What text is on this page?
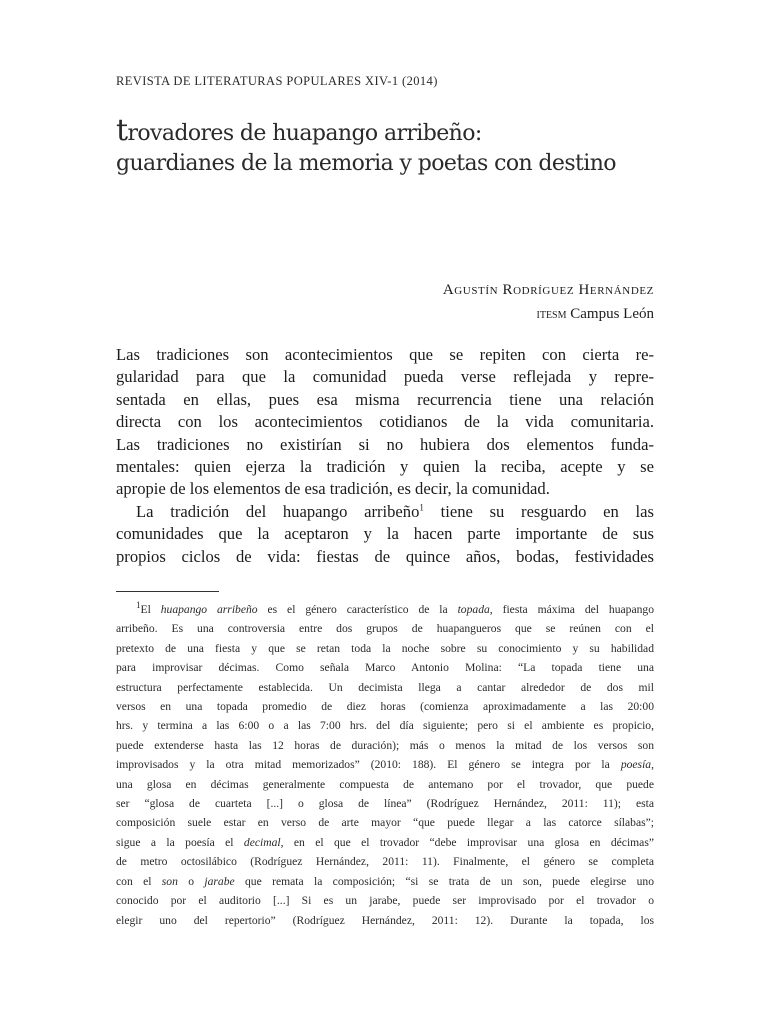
REVISTA DE LITERATURAS POPULARES XIV-1 (2014)

trovadores de huapango arribeño:
guardianes de la memoria y poetas con destino

Agustín Rodríguez Hernández

itesm Campus León

Las tradiciones son acontecimientos que se repiten con cierta re-
gularidad para que la comunidad pueda verse reflejada y repre-
sentada en ellas, pues esa misma recurrencia tiene una relación
directa con los acontecimientos cotidianos de la vida comunitaria.
Las tradiciones no existirían si no hubiera dos elementos funda-
mentales: quien ejerza la tradición y quien la reciba, acepte y se
apropie de los elementos de esa tradición, es decir, la comunidad.

La tradición del huapango arribeño$^1$ tiene su resguardo en las
comunidades que la aceptaron y la hacen parte importante de sus
propios ciclos de vida: fiestas de quince años, bodas, festividades

$^1$El huapango arribeño es el género característico de la topada, fiesta máxima del huapango
arribeño. Es una controversia entre dos grupos de huapangueros que se reúnen con el
pretexto de una fiesta y que se retan toda la noche sobre su conocimiento y su habilidad
para improvisar décimas. Como señala Marco Antonio Molina: “La topada tiene una
estructura perfectamente establecida. Un decimista llega a cantar alrededor de dos mil
versos en una topada promedio de diez horas (comienza aproximadamente a las 20:00
hrs. y termina a las 6:00 o a las 7:00 hrs. del día siguiente; pero si el ambiente es propicio,
puede extenderse hasta las 12 horas de duración); más o menos la mitad de los versos son
improvisados y la otra mitad memorizados” (2010: 188). El género se integra por la poesía,
una glosa en décimas generalmente compuesta de antemano por el trovador, que puede
ser “glosa de cuarteta [...] o glosa de línea” (Rodríguez Hernández, 2011: 11); esta
composición suele estar en verso de arte mayor “que puede llegar a las catorce sílabas”;
sigue a la poesía el decimal, en el que el trovador “debe improvisar una glosa en décimas”
de metro octosilábico (Rodríguez Hernández, 2011: 11). Finalmente, el género se completa
con el son o jarabe que remata la composición; “si se trata de un son, puede elegirse uno
conocido por el auditorio [...] Si es un jarabe, puede ser improvisado por el trovador o
elegir uno del repertorio” (Rodríguez Hernández, 2011: 12). Durante la topada, los
